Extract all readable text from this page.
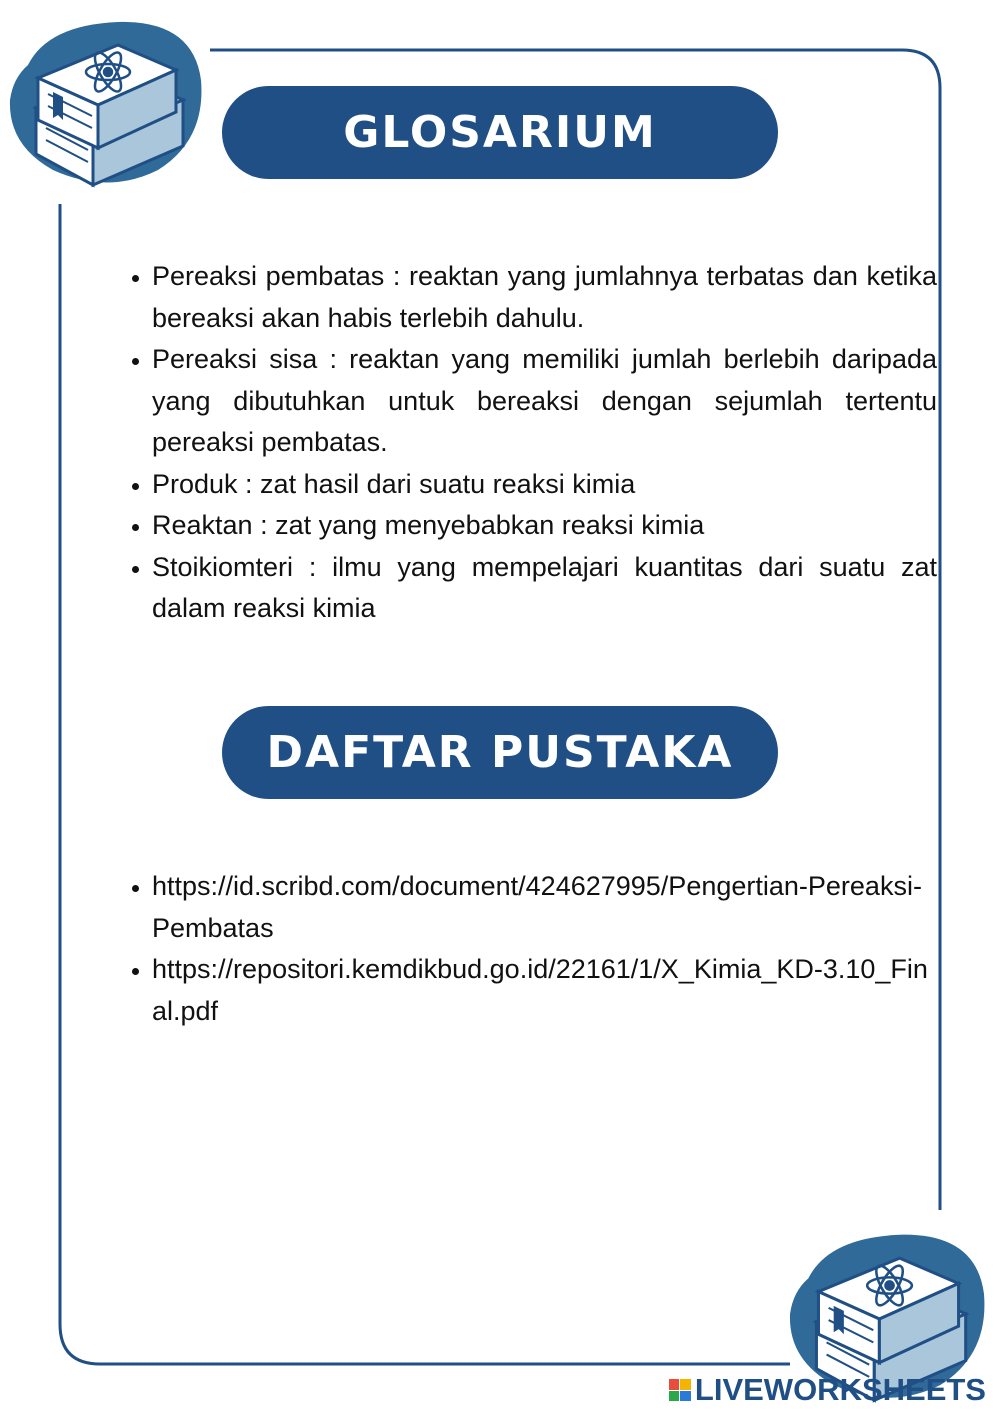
GLOSARIUM
• Pereaksi pembatas : reaktan yang jumlahnya terbatas dan ketika bereaksi akan habis terlebih dahulu.
• Pereaksi sisa : reaktan yang memiliki jumlah berlebih daripada yang dibutuhkan untuk bereaksi dengan sejumlah tertentu pereaksi pembatas.
• Produk : zat hasil dari suatu reaksi kimia
• Reaktan : zat yang menyebabkan reaksi kimia
• Stoikiomteri : ilmu yang mempelajari kuantitas dari suatu zat dalam reaksi kimia
DAFTAR PUSTAKA
• https://id.scribd.com/document/424627995/Pengertian-Pereaksi-Pembatas
• https://repositori.kemdikbud.go.id/22161/1/X_Kimia_KD-3.10_Final.pdf
LIVEWORKSHEETS
